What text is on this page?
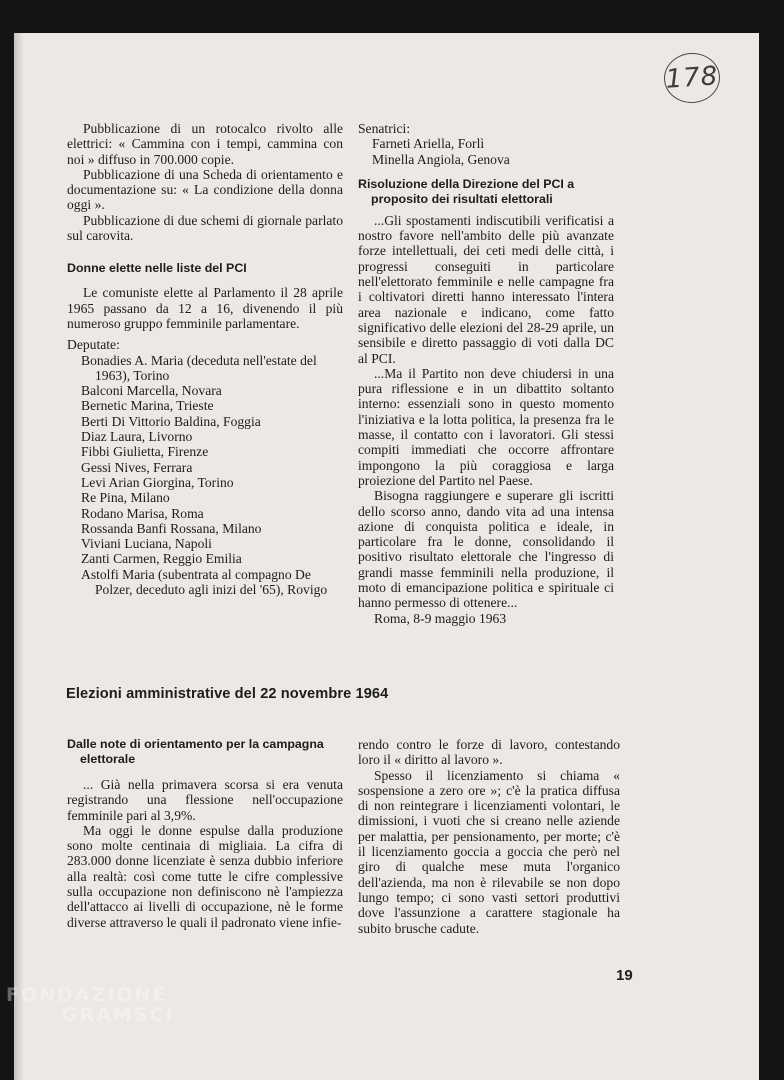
178

Pubblicazione di un rotocalco rivolto alle elettrici: « Cammina con i tempi, cammina con noi » diffuso in 700.000 copie.

Pubblicazione di una Scheda di orientamento e documentazione su: « La condizione della donna oggi ».

Pubblicazione di due schemi di giornale parlato sul carovita.

Donne elette nelle liste del PCI

Le comuniste elette al Parlamento il 28 aprile 1965 passano da 12 a 16, divenendo il più numeroso gruppo femminile parlamentare.

Deputate:

Bonadies A. Maria (deceduta nell'estate del 1963), Torino
Balconi Marcella, Novara
Bernetic Marina, Trieste
Berti Di Vittorio Baldina, Foggia
Diaz Laura, Livorno
Fibbi Giulietta, Firenze
Gessi Nives, Ferrara
Levi Arian Giorgina, Torino
Re Pina, Milano
Rodano Marisa, Roma
Rossanda Banfi Rossana, Milano
Viviani Luciana, Napoli
Zanti Carmen, Reggio Emilia
Astolfi Maria (subentrata al compagno De Polzer, deceduto agli inizi del '65), Rovigo

Senatrici:

Farneti Ariella, Forlì
Minella Angiola, Genova
Risoluzione della Direzione del PCI a proposito dei risultati elettorali

...Gli spostamenti indiscutibili verificatisi a nostro favore nell'ambito delle più avanzate forze intellettuali, dei ceti medi delle città, i progressi conseguiti in particolare nell'elettorato femminile e nelle campagne fra i coltivatori diretti hanno interessato l'intera area nazionale e indicano, come fatto significativo delle elezioni del 28-29 aprile, un sensibile e diretto passaggio di voti dalla DC al PCI.

...Ma il Partito non deve chiudersi in una pura riflessione e in un dibattito soltanto interno: essenziali sono in questo momento l'iniziativa e la lotta politica, la presenza fra le masse, il contatto con i lavoratori. Gli stessi compiti immediati che occorre affrontare impongono la più coraggiosa e larga proiezione del Partito nel Paese.

Bisogna raggiungere e superare gli iscritti dello scorso anno, dando vita ad una intensa azione di conquista politica e ideale, in particolare fra le donne, consolidando il positivo risultato elettorale che l'ingresso di grandi masse femminili nella produzione, il moto di emancipazione politica e spirituale ci hanno permesso di ottenere...

Roma, 8-9 maggio 1963

Elezioni amministrative del 22 novembre 1964
Dalle note di orientamento per la campagna elettorale

... Già nella primavera scorsa si era venuta registrando una flessione nell'occupazione femminile pari al 3,9%.

Ma oggi le donne espulse dalla produzione sono molte centinaia di migliaia. La cifra di 283.000 donne licenziate è senza dubbio inferiore alla realtà: così come tutte le cifre complessive sulla occupazione non definiscono nè l'ampiezza dell'attacco ai livelli di occupazione, nè le forme diverse attraverso le quali il padronato viene infie-

rendo contro le forze di lavoro, contestando loro il « diritto al lavoro ».

Spesso il licenziamento si chiama « sospensione a zero ore »; c'è la pratica diffusa di non reintegrare i licenziamenti volontari, le dimissioni, i vuoti che si creano nelle aziende per malattia, per pensionamento, per morte; c'è il licenziamento goccia a goccia che però nel giro di qualche mese muta l'organico dell'azienda, ma non è rilevabile se non dopo lungo tempo; ci sono vasti settori produttivi dove l'assunzione a carattere stagionale ha subito brusche cadute.

19
FONDAZIONE
GRAMSCI
